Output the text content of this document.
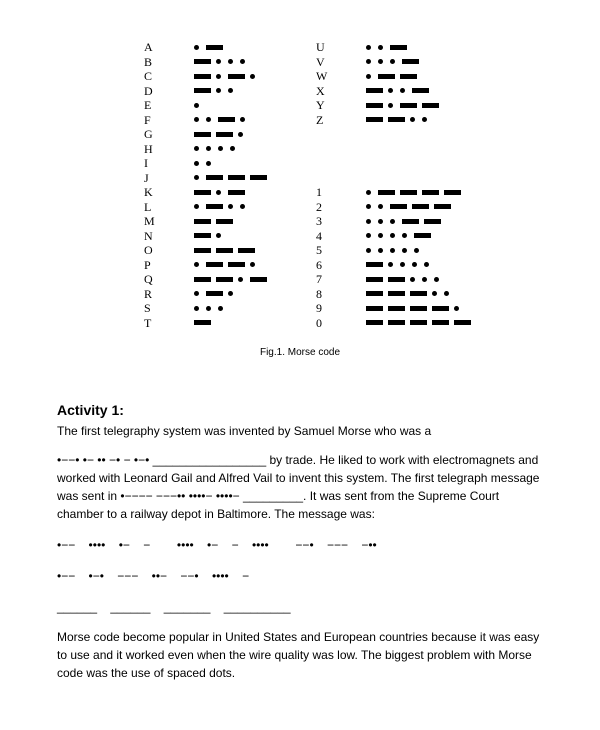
A
B
C
D
E
F
G
H
I
J
K
L
M
N
O
P
Q
R
S
T
U
V
W
X
Y
Z
1
2
3
4
5
6
7
8
9
0
Fig.1. Morse code
Activity 1:

The first telegraphy system was invented by Samuel Morse who was a

•−−• •− •• −• − •−• _________________ by trade. He liked to work with electromagnets and worked with Leonard Gail and Alfred Vail to invent this system. The first telegraph message was sent in •−−−− −−−•• ••••− ••••− _________. It was sent from the Supreme Court chamber to a railway depot in Baltimore. The message was:

•−−    ••••    •−    −        ••••    •−    −    ••••        −−•    −−−    −••

•−−    •−•    −−−    ••−    −−•    ••••    −

______    ______    _______    __________

Morse code become popular in United States and European countries because it was easy to use and it worked even when the wire quality was low. The biggest problem with Morse code was the use of spaced dots.
